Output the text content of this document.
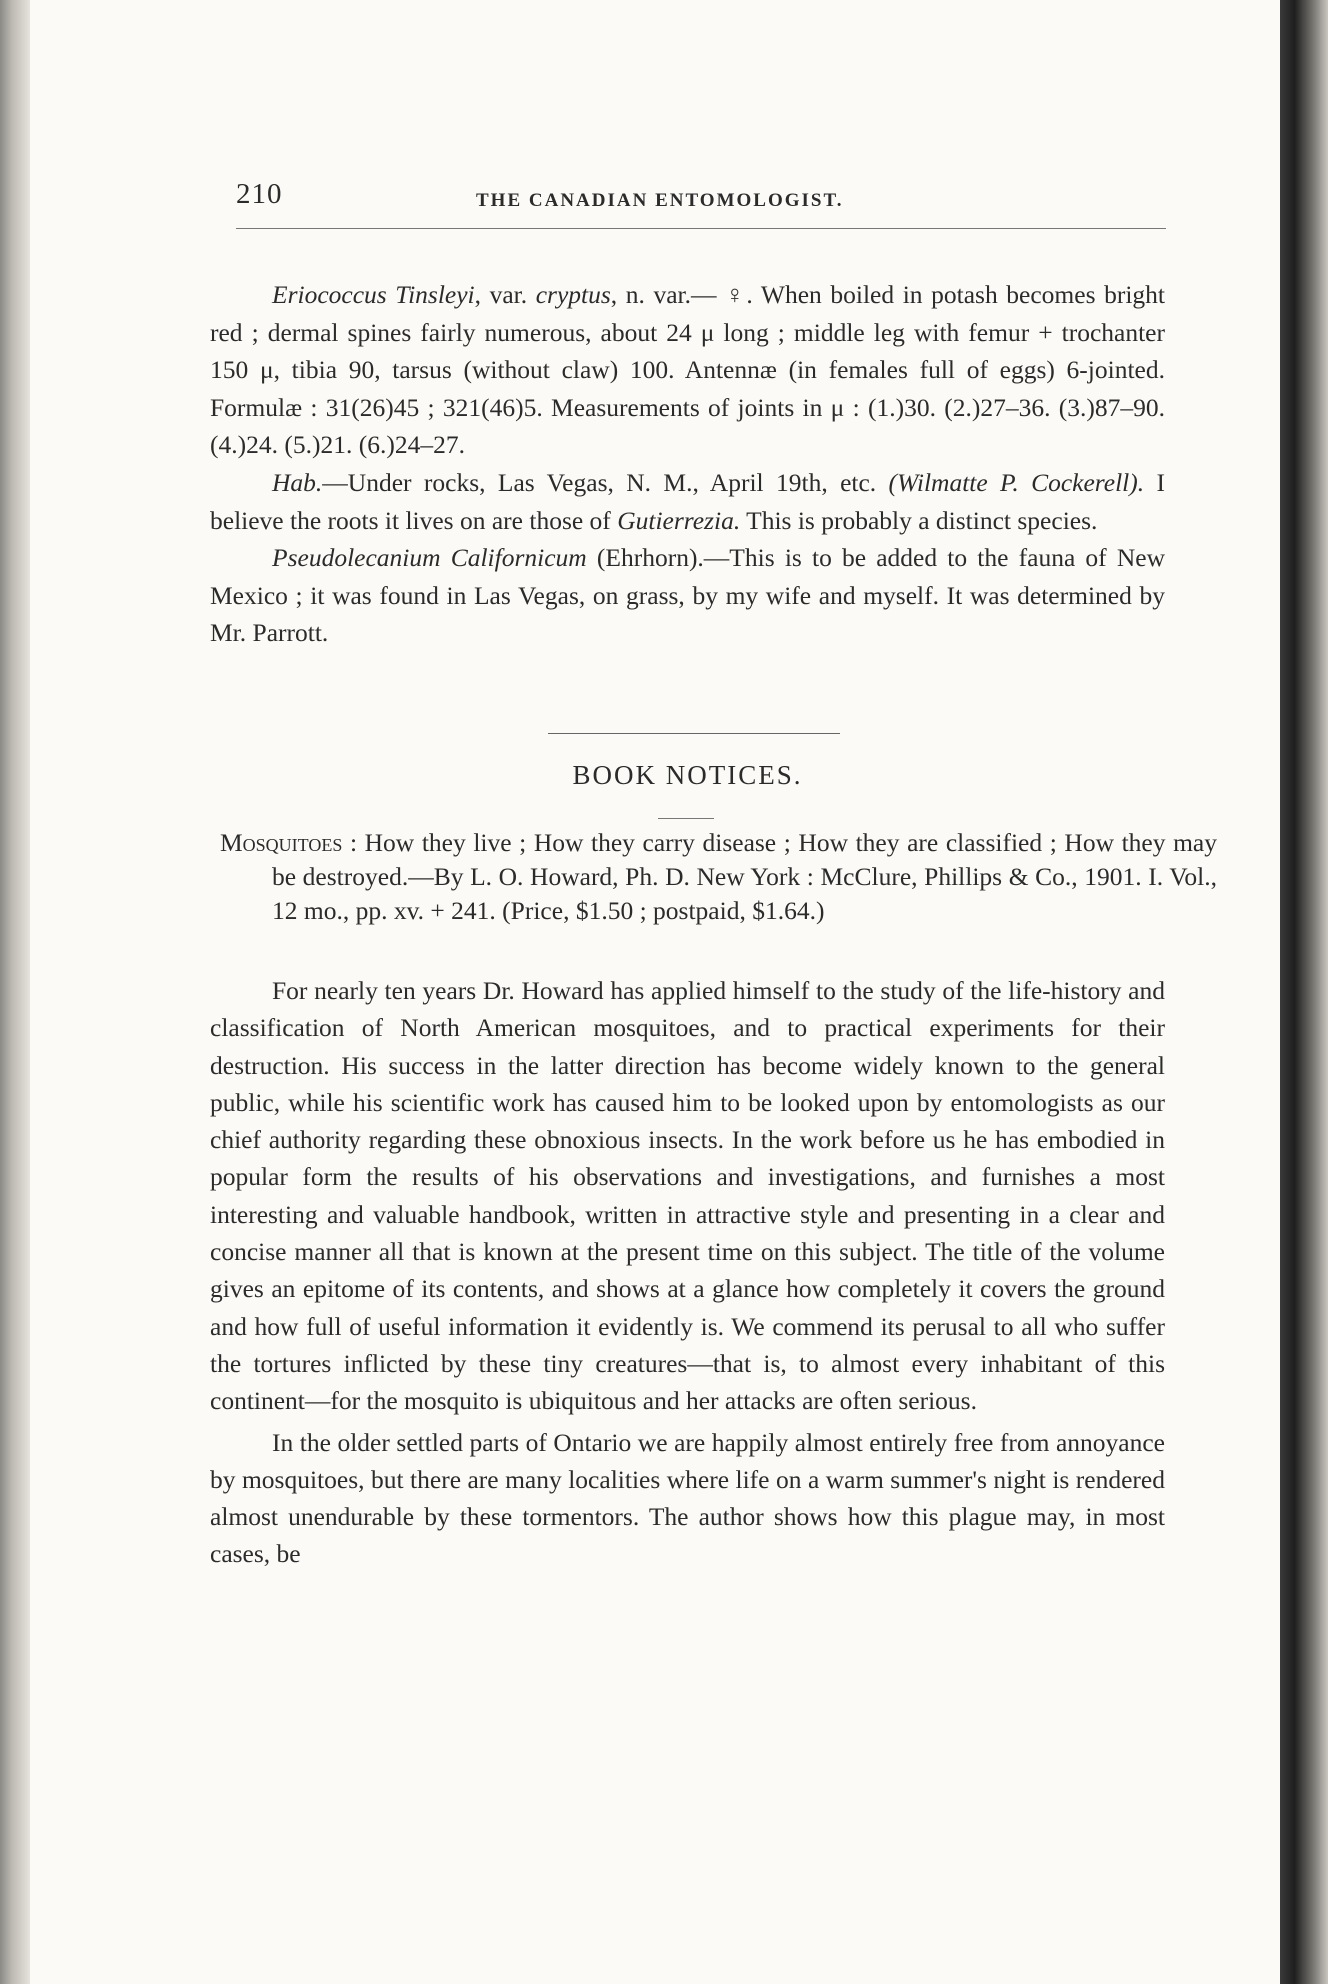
210	THE CANADIAN ENTOMOLOGIST.

Eriococcus Tinsleyi, var. cryptus, n. var.— ♀. When boiled in potash becomes bright red ; dermal spines fairly numerous, about 24 μ long ; middle leg with femur + trochanter 150 μ, tibia 90, tarsus (without claw) 100. Antennæ (in females full of eggs) 6-jointed. Formulæ : 31(26)45 ; 321(46)5. Measurements of joints in μ : (1.)30. (2.)27–36. (3.)87–90. (4.)24. (5.)21. (6.)24–27.

Hab.—Under rocks, Las Vegas, N. M., April 19th, etc. (Wilmatte P. Cockerell). I believe the roots it lives on are those of Gutierrezia. This is probably a distinct species.

Pseudolecanium Californicum (Ehrhorn).—This is to be added to the fauna of New Mexico ; it was found in Las Vegas, on grass, by my wife and myself. It was determined by Mr. Parrott.

BOOK NOTICES.
Mosquitoes : How they live ; How they carry disease ; How they are classified ; How they may be destroyed.—By L. O. Howard, Ph. D. New York : McClure, Phillips & Co., 1901. I. Vol., 12 mo., pp. xv. + 241. (Price, $1.50 ; postpaid, $1.64.)

For nearly ten years Dr. Howard has applied himself to the study of the life-history and classification of North American mosquitoes, and to practical experiments for their destruction. His success in the latter direction has become widely known to the general public, while his scientific work has caused him to be looked upon by entomologists as our chief authority regarding these obnoxious insects. In the work before us he has embodied in popular form the results of his observations and investigations, and furnishes a most interesting and valuable handbook, written in attractive style and presenting in a clear and concise manner all that is known at the present time on this subject. The title of the volume gives an epitome of its contents, and shows at a glance how completely it covers the ground and how full of useful information it evidently is. We commend its perusal to all who suffer the tortures inflicted by these tiny creatures—that is, to almost every inhabitant of this continent—for the mosquito is ubiquitous and her attacks are often serious.

In the older settled parts of Ontario we are happily almost entirely free from annoyance by mosquitoes, but there are many localities where life on a warm summer's night is rendered almost unendurable by these tormentors. The author shows how this plague may, in most cases, be
